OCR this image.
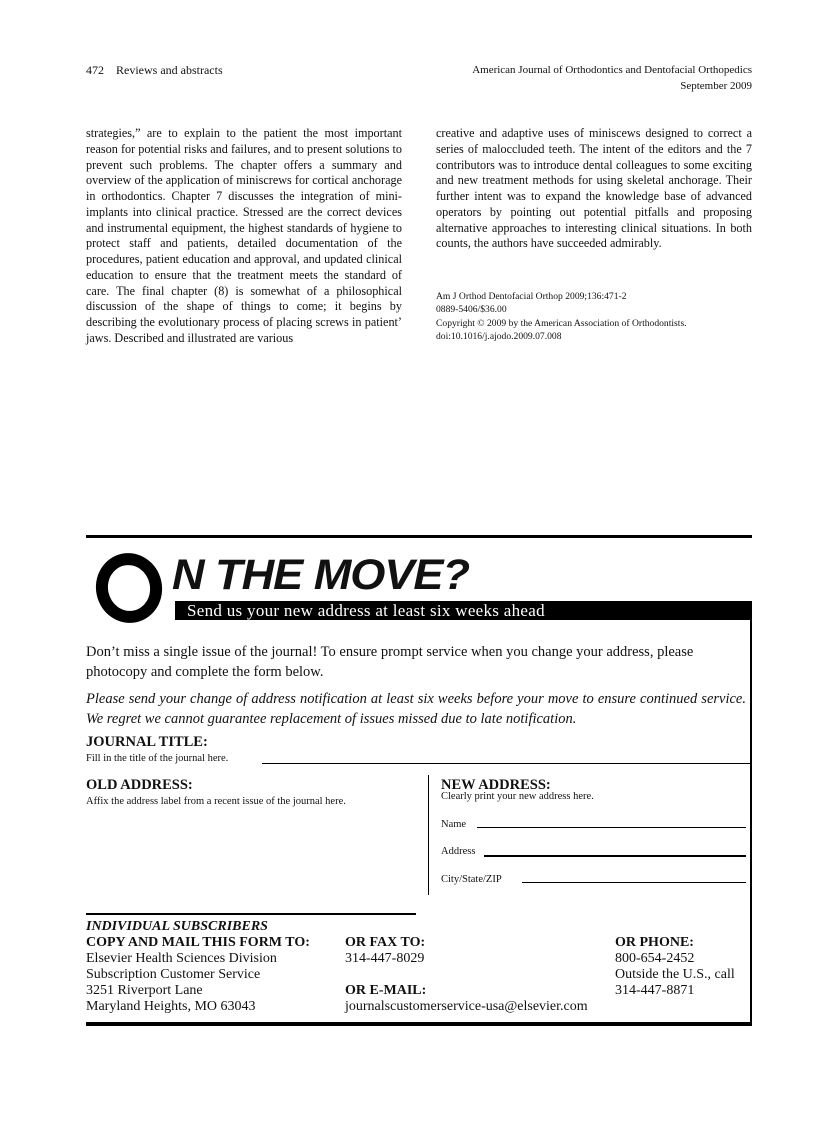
472 Reviews and abstracts	American Journal of Orthodontics and Dentofacial Orthopedics
September 2009

strategies,” are to explain to the patient the most important reason for potential risks and failures, and to present solutions to prevent such problems. The chapter offers a summary and overview of the application of miniscrews for cortical anchorage in orthodontics. Chapter 7 discusses the integration of mini-implants into clinical practice. Stressed are the correct devices and instrumental equipment, the highest standards of hygiene to protect staff and patients, detailed documentation of the procedures, patient education and approval, and updated clinical education to ensure that the treatment meets the standard of care. The final chapter (8) is somewhat of a philosophical discussion of the shape of things to come; it begins by describing the evolutionary process of placing screws in patient’ jaws. Described and illustrated are various

creative and adaptive uses of miniscews designed to correct a series of maloccluded teeth. The intent of the editors and the 7 contributors was to introduce dental colleagues to some exciting and new treatment methods for using skeletal anchorage. Their further intent was to expand the knowledge base of advanced operators by pointing out potential pitfalls and proposing alternative approaches to interesting clinical situations. In both counts, the authors have succeeded admirably.

Am J Orthod Dentofacial Orthop 2009;136:471-2
0889-5406/$36.00
Copyright © 2009 by the American Association of Orthodontists.
doi:10.1016/j.ajodo.2009.07.008
N THE MOVE?
Send us your new address at least six weeks ahead
Don’t miss a single issue of the journal! To ensure prompt service when you change your address, please photocopy and complete the form below.
Please send your change of address notification at least six weeks before your move to ensure continued service. We regret we cannot guarantee replacement of issues missed due to late notification.
JOURNAL TITLE:
Fill in the title of the journal here.
OLD ADDRESS:
Affix the address label from a recent issue of the journal here.
NEW ADDRESS:
Clearly print your new address here.
Name
Address
City/State/ZIP
INDIVIDUAL SUBSCRIBERS
COPY AND MAIL THIS FORM TO:
Elsevier Health Sciences Division
Subscription Customer Service
3251 Riverport Lane
Maryland Heights, MO 63043
OR FAX TO:
314-447-8029
OR E-MAIL:
journalscustomerservice-usa@elsevier.com
OR PHONE:
800-654-2452
Outside the U.S., call
314-447-8871
